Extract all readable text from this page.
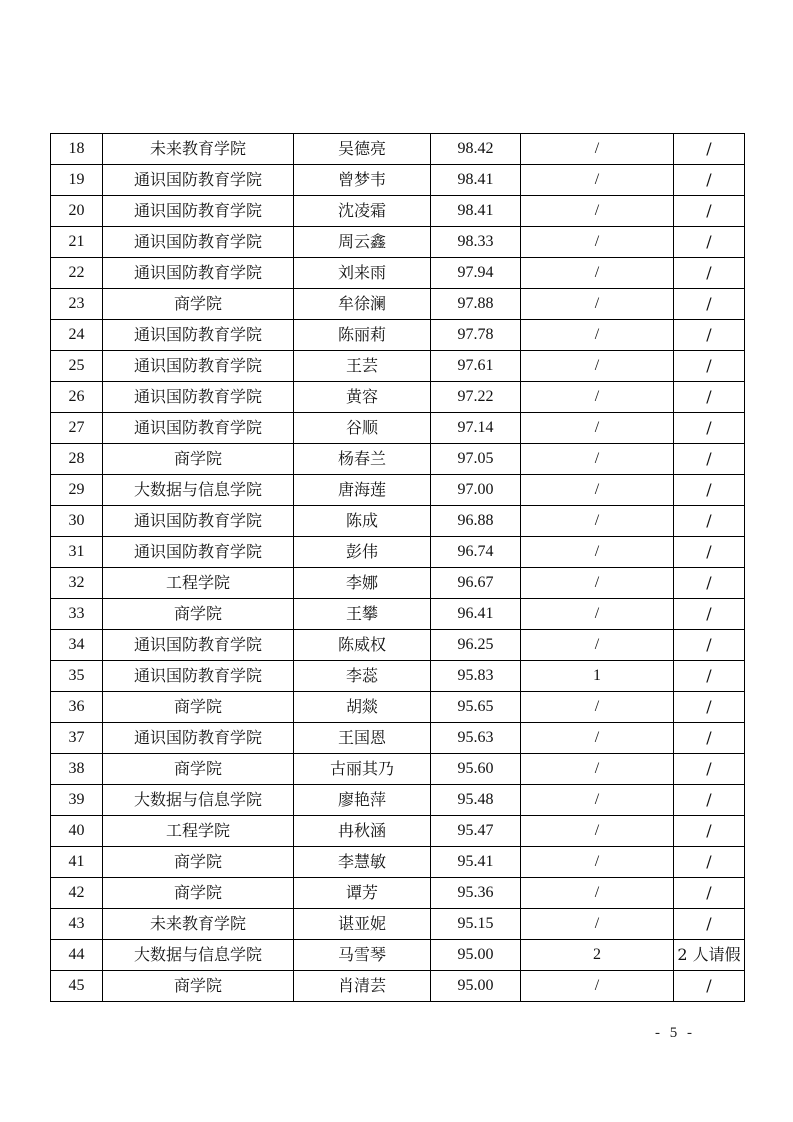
18	未来教育学院	吴德亮	98.42	/	/
19	通识国防教育学院	曾梦韦	98.41	/	/
20	通识国防教育学院	沈凌霜	98.41	/	/
21	通识国防教育学院	周云鑫	98.33	/	/
22	通识国防教育学院	刘来雨	97.94	/	/
23	商学院	牟徐澜	97.88	/	/
24	通识国防教育学院	陈丽莉	97.78	/	/
25	通识国防教育学院	王芸	97.61	/	/
26	通识国防教育学院	黄容	97.22	/	/
27	通识国防教育学院	谷顺	97.14	/	/
28	商学院	杨春兰	97.05	/	/
29	大数据与信息学院	唐海莲	97.00	/	/
30	通识国防教育学院	陈成	96.88	/	/
31	通识国防教育学院	彭伟	96.74	/	/
32	工程学院	李娜	96.67	/	/
33	商学院	王攀	96.41	/	/
34	通识国防教育学院	陈威权	96.25	/	/
35	通识国防教育学院	李蕊	95.83	1	/
36	商学院	胡燚	95.65	/	/
37	通识国防教育学院	王国恩	95.63	/	/
38	商学院	古丽其乃	95.60	/	/
39	大数据与信息学院	廖艳萍	95.48	/	/
40	工程学院	冉秋涵	95.47	/	/
41	商学院	李慧敏	95.41	/	/
42	商学院	谭芳	95.36	/	/
43	未来教育学院	谌亚妮	95.15	/	/
44	大数据与信息学院	马雪琴	95.00	2	2 人请假
45	商学院	肖清芸	95.00	/	/
- 5 -
